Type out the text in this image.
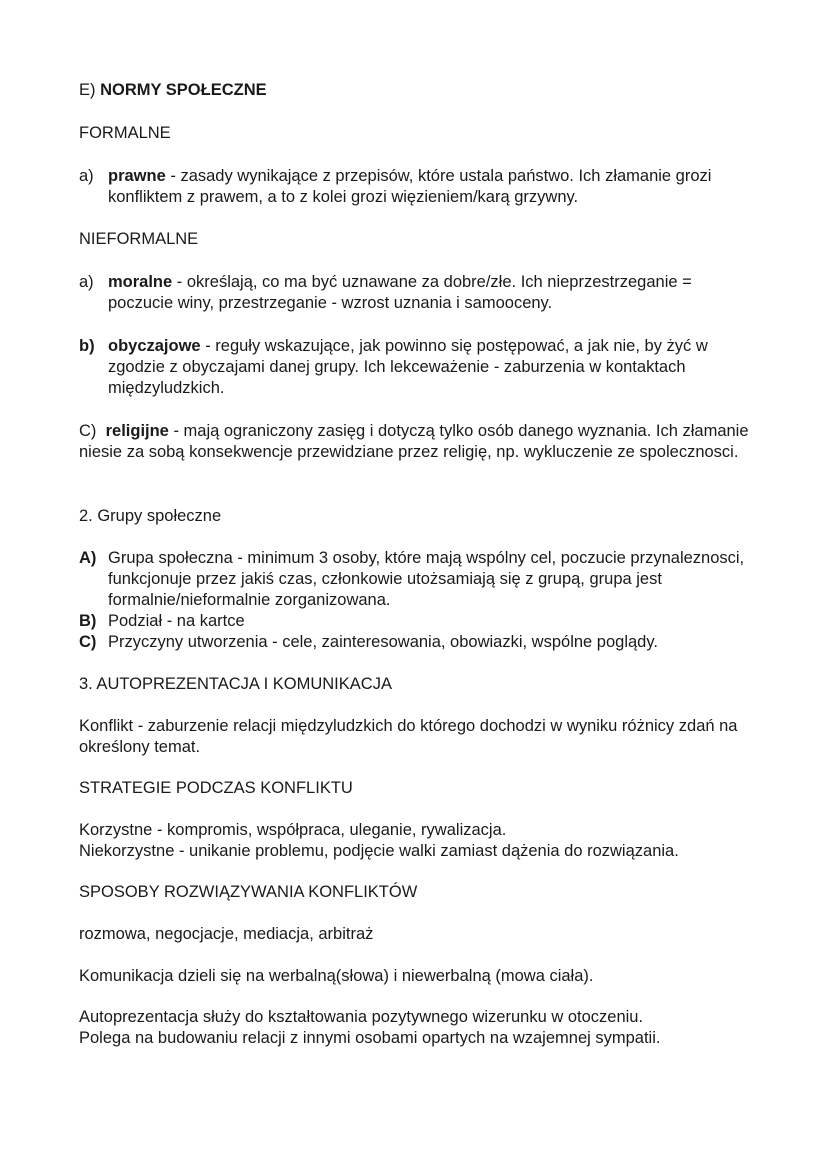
E) NORMY SPOŁECZNE

FORMALNE

a) prawne - zasady wynikające z przepisów, które ustala państwo. Ich złamanie grozi konfliktem z prawem, a to z kolei grozi więzieniem/karą grzywny.

NIEFORMALNE

a) moralne - określają, co ma być uznawane za dobre/złe. Ich nieprzestrzeganie = poczucie winy, przestrzeganie - wzrost uznania i samooceny.

b) obyczajowe - reguły wskazujące, jak powinno się postępować, a jak nie, by żyć w zgodzie z obyczajami danej grupy. Ich lekceważenie - zaburzenia w kontaktach międzyludzkich.

C)  religijne - mają ograniczony zasięg i dotyczą tylko osób danego wyznania. Ich złamanie niesie za sobą konsekwencje przewidziane przez religię, np. wykluczenie ze spolecznosci.

2. Grupy społeczne

A) Grupa społeczna - minimum 3 osoby, które mają wspólny cel, poczucie przynaleznosci, funkcjonuje przez jakiś czas, członkowie utożsamiają się z grupą, grupa jest formalnie/nieformalnie zorganizowana.

B) Podział - na kartce

C) Przyczyny utworzenia - cele, zainteresowania, obowiazki, wspólne poglądy.

3. AUTOPREZENTACJA I KOMUNIKACJA

Konflikt - zaburzenie relacji międzyludzkich do którego dochodzi w wyniku różnicy zdań na określony temat.

STRATEGIE PODCZAS KONFLIKTU

Korzystne - kompromis, współpraca, uleganie, rywalizacja.

Niekorzystne - unikanie problemu, podjęcie walki zamiast dążenia do rozwiązania.

SPOSOBY ROZWIĄZYWANIA KONFLIKTÓW

rozmowa, negocjacje, mediacja, arbitraż

Komunikacja dzieli się na werbalną(słowa) i niewerbalną (mowa ciała).

Autoprezentacja służy do kształtowania pozytywnego wizerunku w otoczeniu.

Polega na budowaniu relacji z innymi osobami opartych na wzajemnej sympatii.
